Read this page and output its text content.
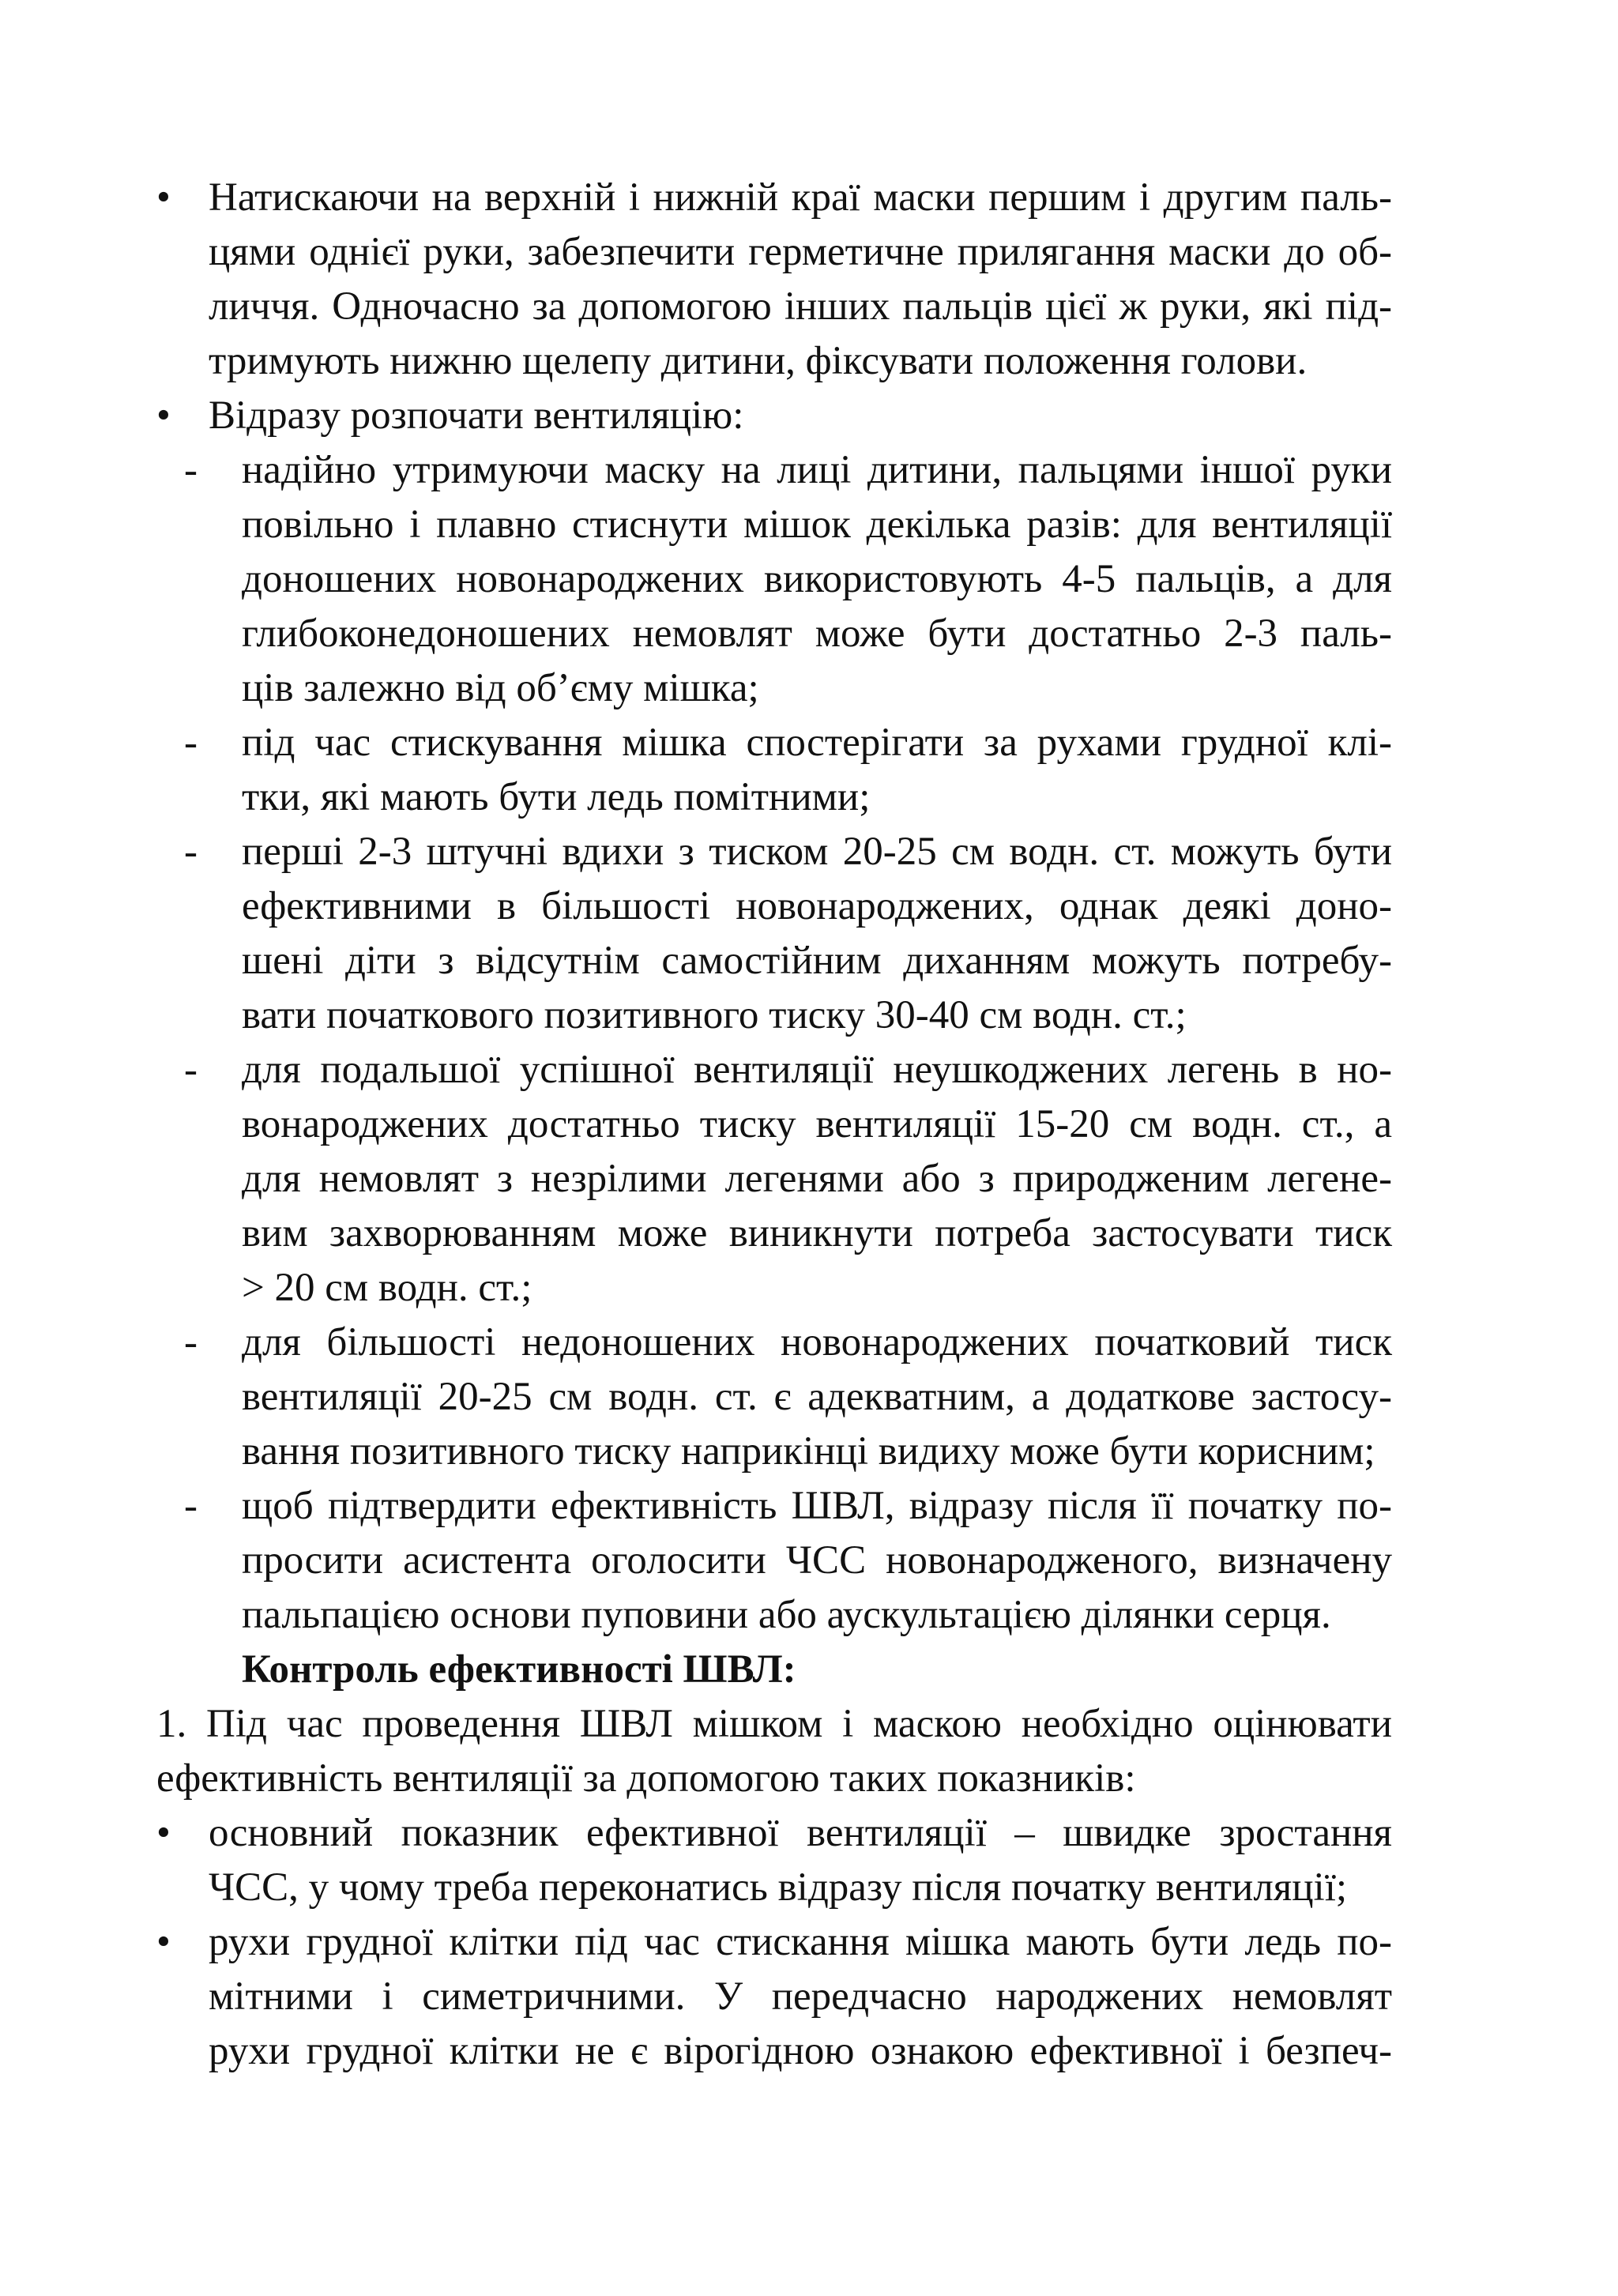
• Натискаючи на верхній і нижній краї маски першим і другим паль-
цями однієї руки, забезпечити герметичне прилягання маски до об-
личчя. Одночасно за допомогою інших пальців цієї ж руки, які під-
тримують нижню щелепу дитини, фіксувати положення голови.
• Відразу розпочати вентиляцію:
-	надійно утримуючи маску на лиці дитини, пальцями іншої руки
повільно і плавно стиснути мішок декілька разів: для вентиляції
доношених новонароджених використовують 4-5 пальців, а для
глибоконедоношених немовлят може бути достатньо 2-3 паль-
ців залежно від об’єму мішка;
-	під час стискування мішка спостерігати за рухами грудної клі-
тки, які мають бути ледь помітними;
-	перші 2-3 штучні вдихи з тиском 20-25 см водн. ст. можуть бути
ефективними в більшості новонароджених, однак деякі доно-
шені діти з відсутнім самостійним диханням можуть потребу-
вати початкового позитивного тиску 30-40 см водн. ст.;
-	для подальшої успішної вентиляції неушкоджених легень в но-
вонароджених достатньо тиску вентиляції 15-20 см водн. ст., а
для немовлят з незрілими легенями або з природженим легене-
вим захворюванням може виникнути потреба застосувати тиск
> 20 см водн. ст.;
-	для більшості недоношених новонароджених початковий тиск
вентиляції 20-25 см водн. ст. є адекватним, а додаткове застосу-
вання позитивного тиску наприкінці видиху може бути корисним;
-	щоб підтвердити ефективність ШВЛ, відразу після її початку по-
просити асистента оголосити ЧСС новонародженого, визначену
пальпацією основи пуповини або аускультацією ділянки серця.
Контроль ефективності ШВЛ:
1. Під час проведення ШВЛ мішком і маскою необхідно оцінювати
ефективність вентиляції за допомогою таких показників:
• основний показник ефективної вентиляції – швидке зростання
ЧСС, у чому треба переконатись відразу після початку вентиляції;
• рухи грудної клітки під час стискання мішка мають бути ледь по-
мітними і симетричними. У передчасно народжених немовлят
рухи грудної клітки не є вірогідною ознакою ефективної і безпеч-
